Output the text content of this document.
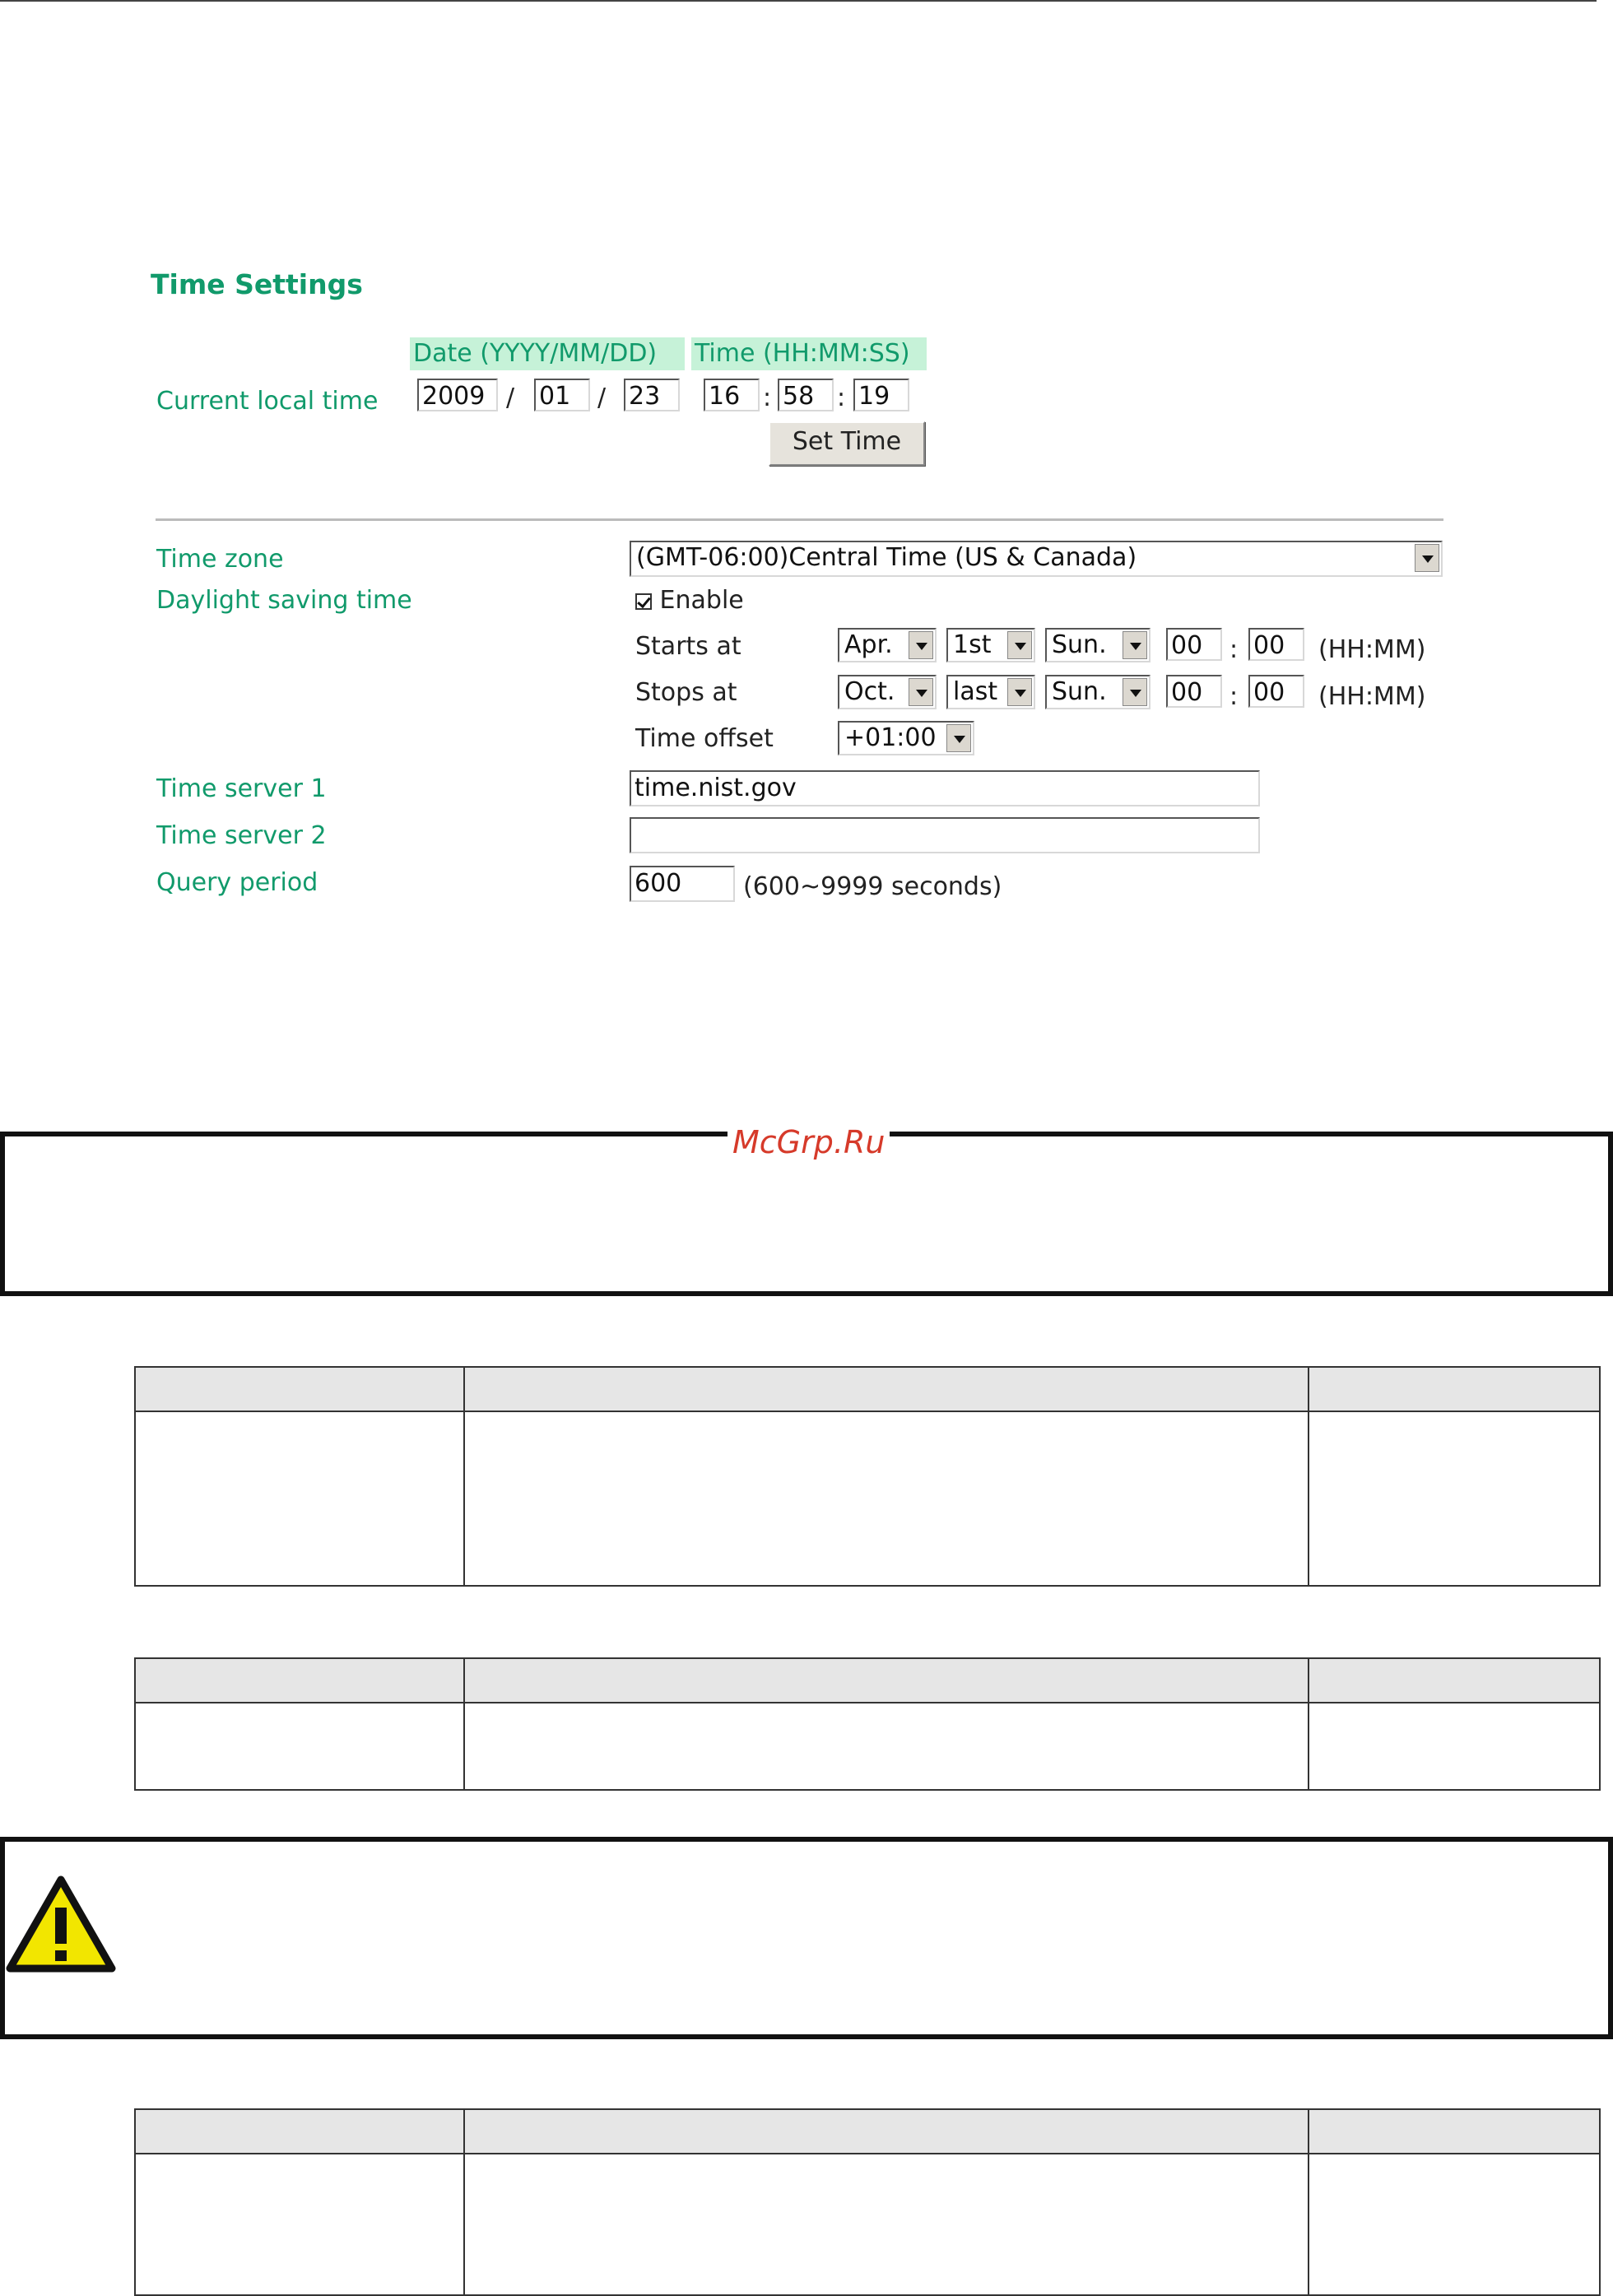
Time Settings
Date (YYYY/MM/DD)	Time (HH:MM:SS)
Current local time 2009 / 01	/ 23	16 : 58 : 19
Set Time
Time zone	(GMT-06:00)Central Time (US & Canada)
Daylight saving time	Enable
Starts at	Apr.	1st	Sun.	00	: 00	(HH:MM)
Stops at	Oct.	last	Sun.	00	: 00	(HH:MM)
Time offset	+01:00
Time server 1	time.nist.gov
Time server 2
Query period	600	(600~9999 seconds)
McGrp.Ru
